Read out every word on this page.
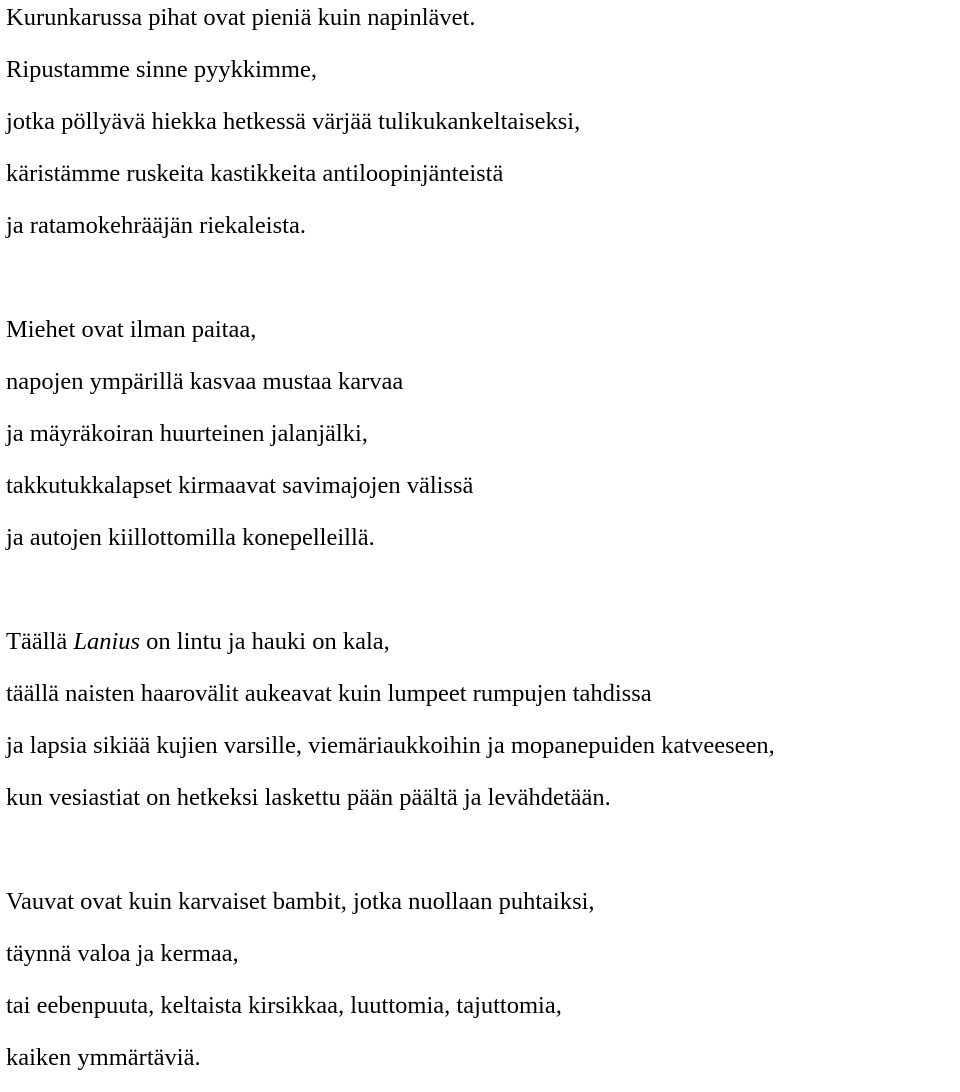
Kurunkarussa pihat ovat pieniä kuin napinlävet.
Ripustamme sinne pyykkimme,
jotka pöllyävä hiekka hetkessä värjää tulikukankeltaiseksi,
käristämme ruskeita kastikkeita antiloopinjänteistä
ja ratamokehrääjän riekaleista.
Miehet ovat ilman paitaa,
napojen ympärillä kasvaa mustaa karvaa
ja mäyräkoiran huurteinen jalanjälki,
takkutukkalapset kirmaavat savimajojen välissä
ja autojen kiillottomilla konepelleillä.
Täällä Lanius on lintu ja hauki on kala,
täällä naisten haarovälit aukeavat kuin lumpeet rumpujen tahdissa
ja lapsia sikiää kujien varsille, viemäriaukkoihin ja mopanepuiden katveeseen,
kun vesiastiat on hetkeksi laskettu pään päältä ja levähdetään.
Vauvat ovat kuin karvaiset bambit, jotka nuollaan puhtaiksi,
täynnä valoa ja kermaa,
tai eebenpuuta, keltaista kirsikkaa, luuttomia, tajuttomia,
kaiken ymmärtäviä.
